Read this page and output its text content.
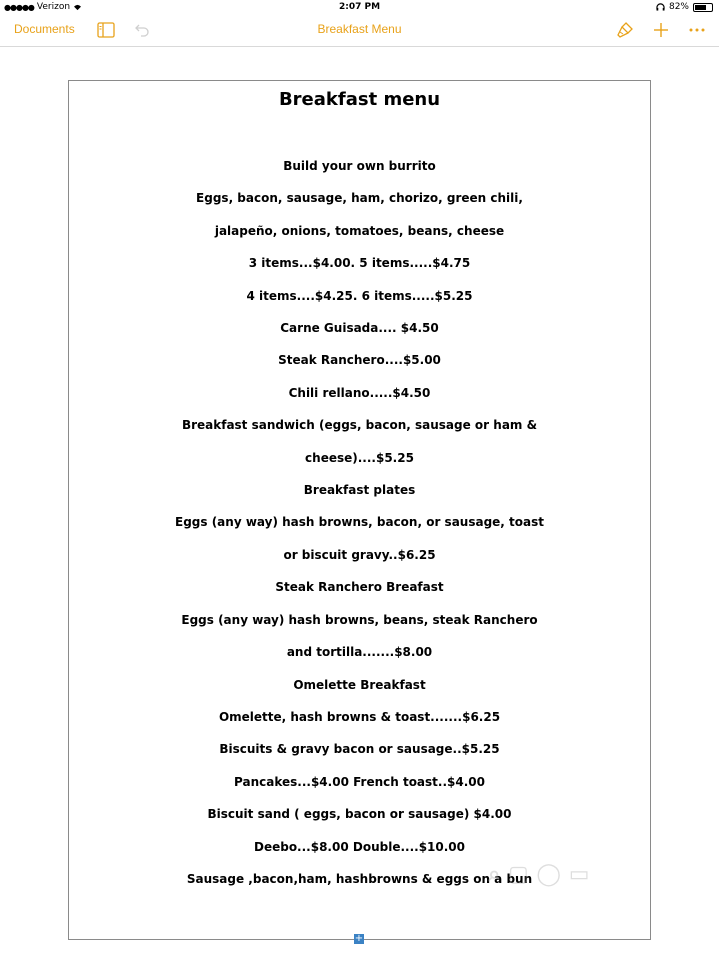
●●●●● Verizon	2:07 PM	82%
Documents	Breakfast Menu
Breakfast menu
Build your own burrito
Eggs, bacon, sausage, ham, chorizo, green chili,
jalapeño, onions, tomatoes, beans, cheese
3 items...$4.00. 5 items.....$4.75
4 items....$4.25. 6 items.....$5.25
Carne Guisada.... $4.50
Steak Ranchero....$5.00
Chili rellano.....$4.50
Breakfast sandwich (eggs, bacon, sausage or ham &
cheese)....$5.25
Breakfast plates
Eggs (any way) hash browns, bacon, or sausage, toast
or biscuit gravy..$6.25
Steak Ranchero Breafast
Eggs (any way) hash browns, beans, steak Ranchero
and tortilla.......$8.00
Omelette Breakfast
Omelette, hash browns & toast.......$6.25
Biscuits & gravy bacon or sausage..$5.25
Pancakes...$4.00 French toast..$4.00
Biscuit sand ( eggs, bacon or sausage) $4.00
Deebo...$8.00 Double....$10.00
Sausage ,bacon,ham, hashbrowns & eggs on a bun
⌕ ▢ ◯ ▭
+
